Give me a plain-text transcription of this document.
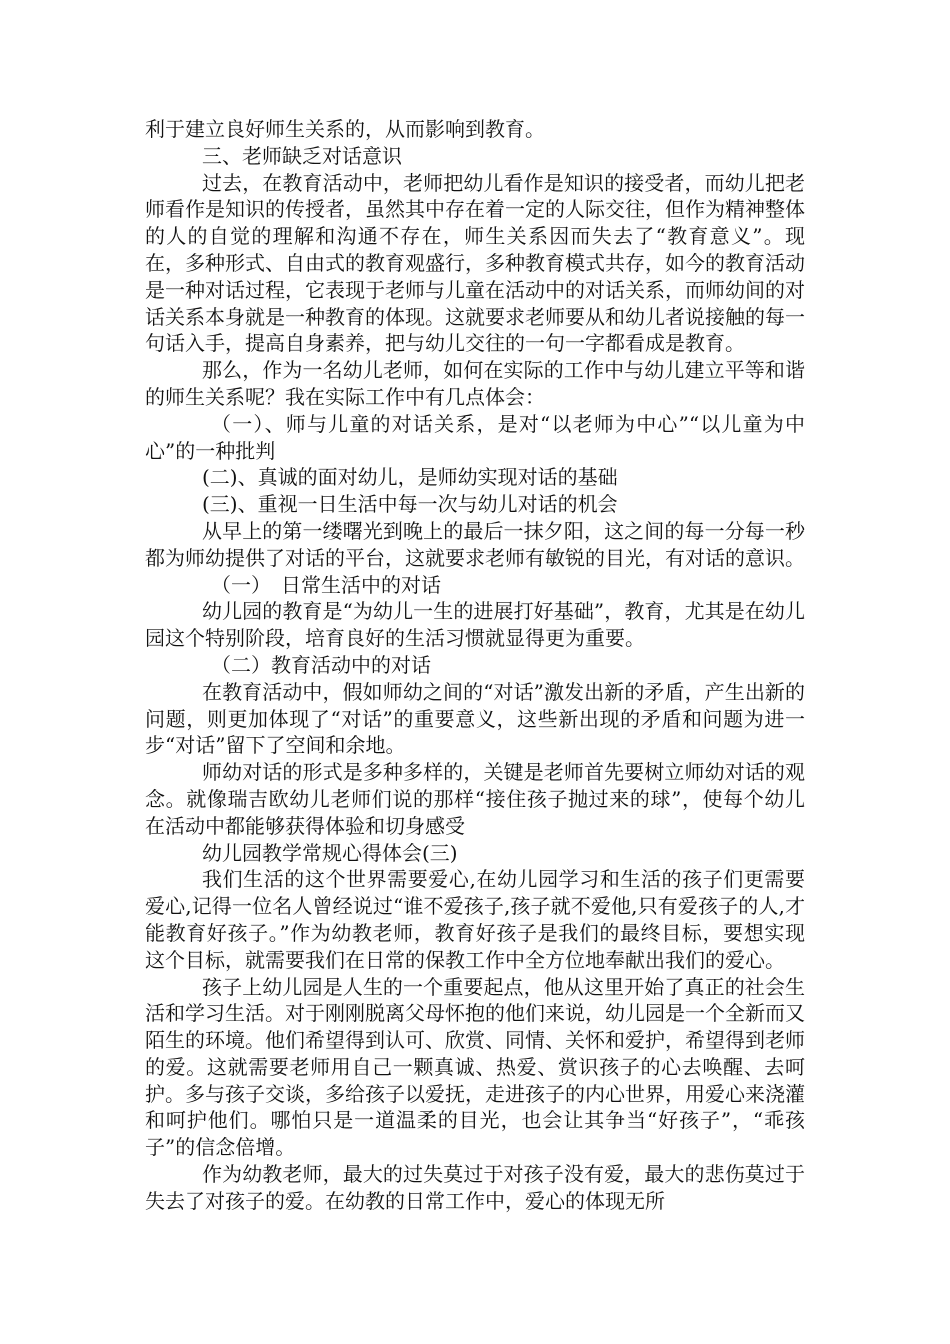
利于建立良好师生关系的，从而影响到教育。

三、老师缺乏对话意识

过去，在教育活动中，老师把幼儿看作是知识的接受者，而幼儿把老师看作是知识的传授者，虽然其中存在着一定的人际交往，但作为精神整体的人的自觉的理解和沟通不存在，师生关系因而失去了“教育意义”。现在，多种形式、自由式的教育观盛行，多种教育模式共存，如今的教育活动是一种对话过程，它表现于老师与儿童在活动中的对话关系，而师幼间的对话关系本身就是一种教育的体现。这就要求老师要从和幼儿者说接触的每一句话入手，提高自身素养，把与幼儿交往的一句一字都看成是教育。

那么，作为一名幼儿老师，如何在实际的工作中与幼儿建立平等和谐的师生关系呢？我在实际工作中有几点体会：

（一）、师与儿童的对话关系，是对“以老师为中心”“以儿童为中心”的一种批判

(二)、真诚的面对幼儿，是师幼实现对话的基础

(三)、重视一日生活中每一次与幼儿对话的机会

从早上的第一缕曙光到晚上的最后一抹夕阳，这之间的每一分每一秒都为师幼提供了对话的平台，这就要求老师有敏锐的目光，有对话的意识。

（一）　日常生活中的对话

幼儿园的教育是“为幼儿一生的进展打好基础”，教育，尤其是在幼儿园这个特别阶段，培育良好的生活习惯就显得更为重要。

（二）教育活动中的对话

在教育活动中，假如师幼之间的“对话”激发出新的矛盾，产生出新的问题，则更加体现了“对话”的重要意义，这些新出现的矛盾和问题为进一步“对话”留下了空间和余地。

师幼对话的形式是多种多样的，关键是老师首先要树立师幼对话的观念。就像瑞吉欧幼儿老师们说的那样“接住孩子抛过来的球”，使每个幼儿在活动中都能够获得体验和切身感受

幼儿园教学常规心得体会(三)

我们生活的这个世界需要爱心,在幼儿园学习和生活的孩子们更需要爱心,记得一位名人曾经说过“谁不爱孩子,孩子就不爱他,只有爱孩子的人,才能教育好孩子。”作为幼教老师，教育好孩子是我们的最终目标，要想实现这个目标，就需要我们在日常的保教工作中全方位地奉献出我们的爱心。

孩子上幼儿园是人生的一个重要起点，他从这里开始了真正的社会生活和学习生活。对于刚刚脱离父母怀抱的他们来说，幼儿园是一个全新而又陌生的环境。他们希望得到认可、欣赏、同情、关怀和爱护，希望得到老师的爱。这就需要老师用自己一颗真诚、热爱、赏识孩子的心去唤醒、去呵护。多与孩子交谈，多给孩子以爱抚，走进孩子的内心世界，用爱心来浇灌和呵护他们。哪怕只是一道温柔的目光，也会让其争当“好孩子”，“乖孩子”的信念倍增。

作为幼教老师，最大的过失莫过于对孩子没有爱，最大的悲伤莫过于失去了对孩子的爱。在幼教的日常工作中，爱心的体现无所
